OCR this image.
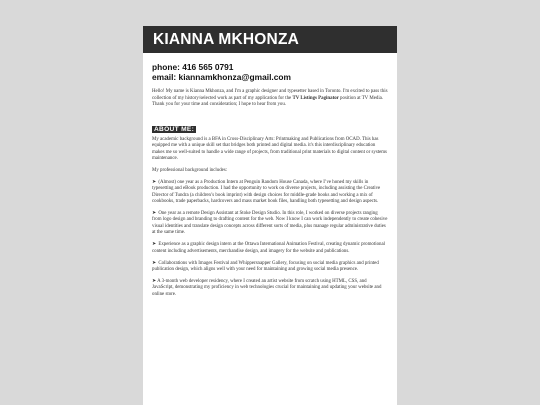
KIANNA MKHONZA
phone: 416 565 0791
email: kiannamkhonza@gmail.com

Hello! My name is Kianna Mkhonza, and I'm a graphic designer and typesetter based in Toronto. I'm excited to pass this collection of my history/selected work as part of my application for the TV Listings Paginator position at TV Media. Thank you for your time and consideration; I hope to hear from you.

ABOUT ME:

My academic background is a BFA in Cross-Disciplinary Arts: Printmaking and Publications from OCAD. This has equipped me with a unique skill set that bridges both printed and digital media. it's this interdisciplinary education makes me so well-suited to handle a wide range of projects, from traditional print materials to digital content or systems maintenance.

My professional background includes:

➤ (Almost) one year as a Production Intern at Penguin Random House Canada, where I’ve honed my skills in typesetting and eBook production. I had the opportunity to work on diverse projects, including assisting the Creative Director of Tundra (a children’s book imprint) with design choices for middle-grade books and working a mix of cookbooks, trade paperbacks, hardcovers and mass market book files, handling both typesetting and design aspects.

➤ One year as a remote Design Assistant at Stoke Design Studio. In this role, I worked on diverse projects ranging from logo design and branding to drafting content for the web. Now I know I can work independently to create cohesive visual identities and translate design concepts across different sorts of media, plus manage regular administrative duties at the same time.

➤ Experience as a graphic design intern at the Ottawa International Animation Festival, creating dynamic promotional content including advertisements, merchandise design, and imagery for the website and publications.

➤ Collaborations with Images Festival and Whippersnapper Gallery, focusing on social media graphics and printed publication design, which aligns well with your need for maintaining and growing social media presence.

➤A 3-month web developer residency, where I created an artist website from scratch using HTML, CSS, and JavaScript, demonstrating my proficiency in web technologies crucial for maintaining and updating your website and online store.
